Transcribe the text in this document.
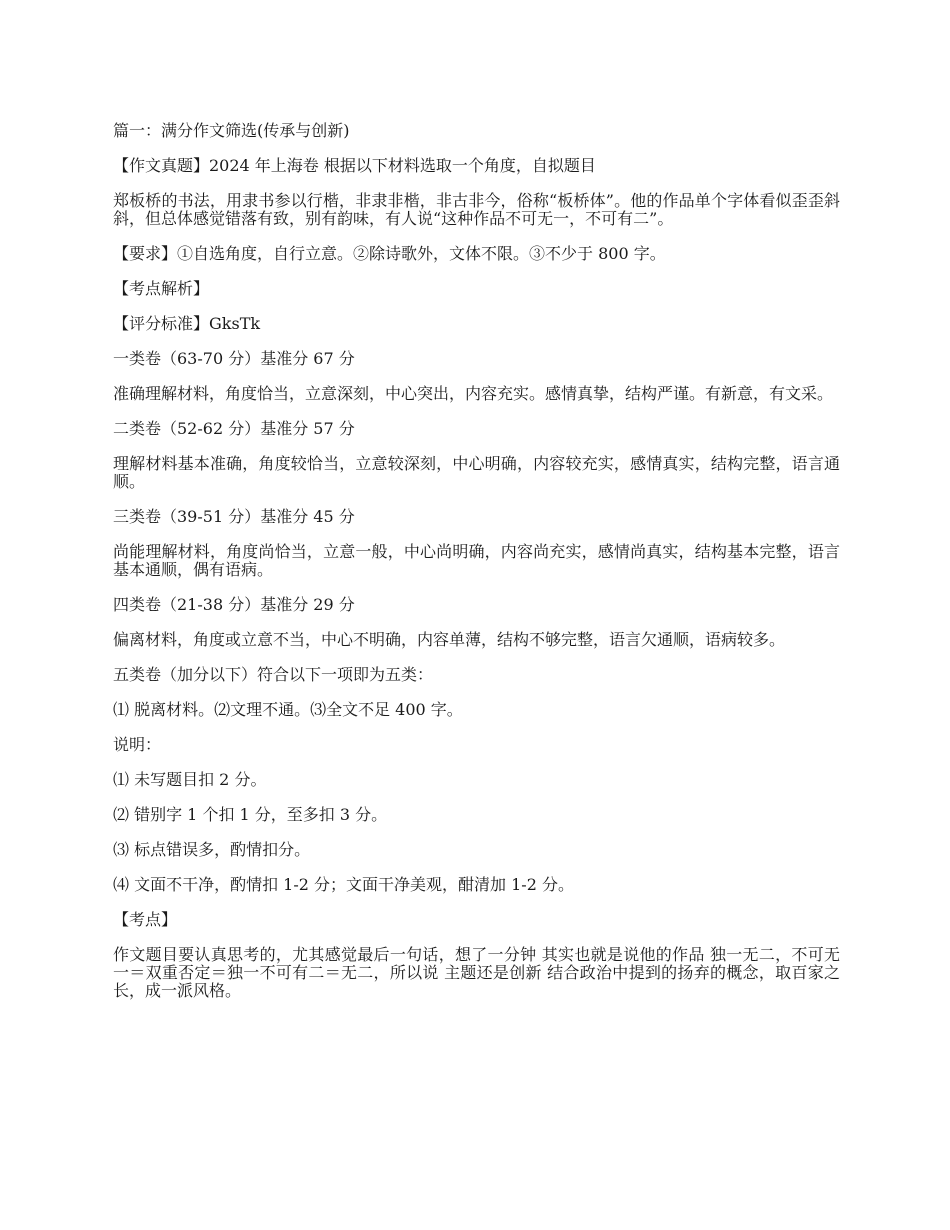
篇一：满分作文筛选(传承与创新)

【作文真题】2024 年上海卷 根据以下材料选取一个角度，自拟题目

郑板桥的书法，用隶书参以行楷，非隶非楷，非古非今，俗称“板桥体”。他的作品单个字体看似歪歪斜斜，但总体感觉错落有致，别有韵味，有人说“这种作品不可无一，不可有二”。

【要求】①自选角度，自行立意。②除诗歌外，文体不限。③不少于 800 字。

【考点解析】

【评分标准】GksTk

一类卷（63-70 分）基准分 67 分

准确理解材料，角度恰当，立意深刻，中心突出，内容充实。感情真挚，结构严谨。有新意，有文采。

二类卷（52-62 分）基准分 57 分

理解材料基本准确，角度较恰当，立意较深刻，中心明确，内容较充实，感情真实，结构完整，语言通顺。

三类卷（39-51 分）基准分 45 分

尚能理解材料，角度尚恰当，立意一般，中心尚明确，内容尚充实，感情尚真实，结构基本完整，语言基本通顺，偶有语病。

四类卷（21-38 分）基准分 29 分

偏离材料，角度或立意不当，中心不明确，内容单薄，结构不够完整，语言欠通顺，语病较多。

五类卷（加分以下）符合以下一项即为五类：

⑴ 脱离材料。⑵文理不通。⑶全文不足 400 字。

说明：

⑴ 未写题目扣 2 分。

⑵ 错别字 1 个扣 1 分，至多扣 3 分。

⑶ 标点错误多，酌情扣分。

⑷ 文面不干净，酌情扣 1-2 分；文面干净美观，酣清加 1-2 分。

【考点】

作文题目要认真思考的，尤其感觉最后一句话，想了一分钟 其实也就是说他的作品 独一无二，不可无一＝双重否定＝独一不可有二＝无二，所以说 主题还是创新 结合政治中提到的扬弃的概念，取百家之长，成一派风格。
